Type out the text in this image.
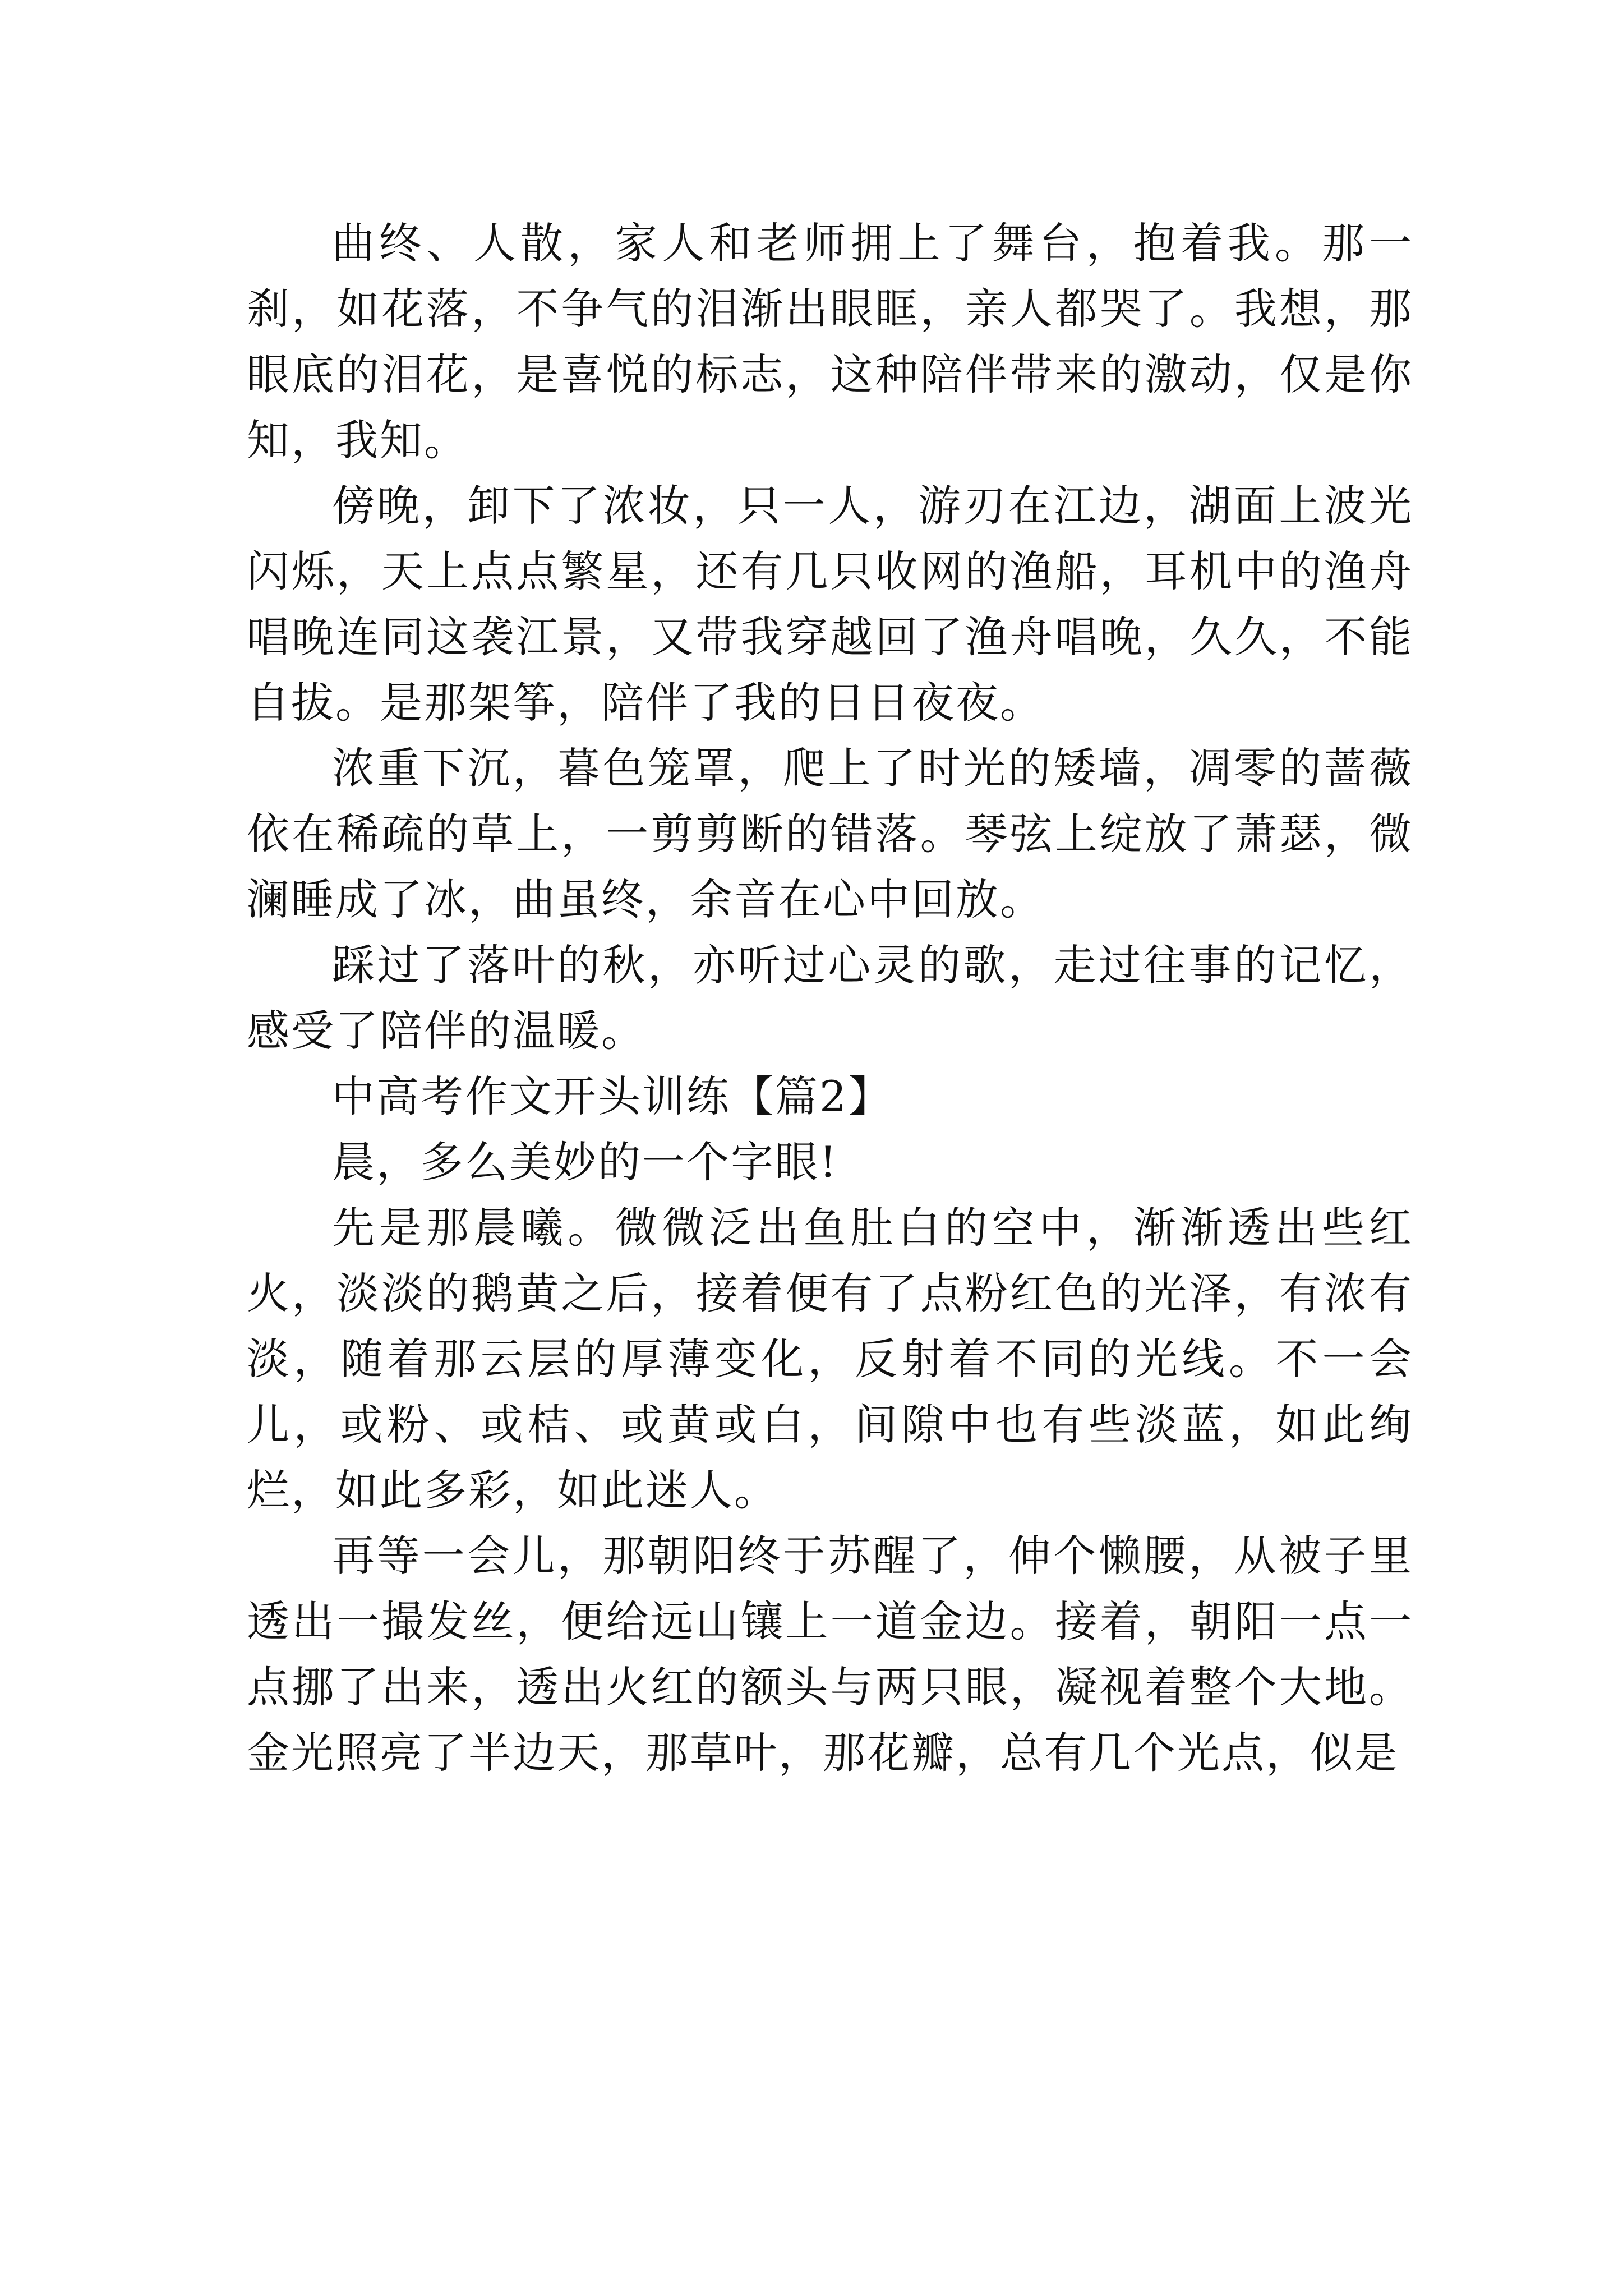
曲终、人散，家人和老师拥上了舞台，抱着我。那一刹，如花落，不争气的泪渐出眼眶，亲人都哭了。我想，那眼底的泪花，是喜悦的标志，这种陪伴带来的激动，仅是你知，我知。

傍晚，卸下了浓妆，只一人，游刃在江边，湖面上波光闪烁，天上点点繁星，还有几只收网的渔船，耳机中的渔舟唱晚连同这袭江景，又带我穿越回了渔舟唱晚，久久，不能自拔。是那架筝，陪伴了我的日日夜夜。

浓重下沉，暮色笼罩，爬上了时光的矮墙，凋零的蔷薇依在稀疏的草上，一剪剪断的错落。琴弦上绽放了萧瑟，微澜睡成了冰，曲虽终，余音在心中回放。

踩过了落叶的秋，亦听过心灵的歌，走过往事的记忆，感受了陪伴的温暖。

中高考作文开头训练【篇2】

晨，多么美妙的一个字眼!

先是那晨曦。微微泛出鱼肚白的空中，渐渐透出些红火，淡淡的鹅黄之后，接着便有了点粉红色的光泽，有浓有淡，随着那云层的厚薄变化，反射着不同的光线。不一会儿，或粉、或桔、或黄或白，间隙中也有些淡蓝，如此绚烂，如此多彩，如此迷人。

再等一会儿，那朝阳终于苏醒了，伸个懒腰，从被子里透出一撮发丝，便给远山镶上一道金边。接着，朝阳一点一点挪了出来，透出火红的额头与两只眼，凝视着整个大地。金光照亮了半边天，那草叶，那花瓣，总有几个光点，似是
